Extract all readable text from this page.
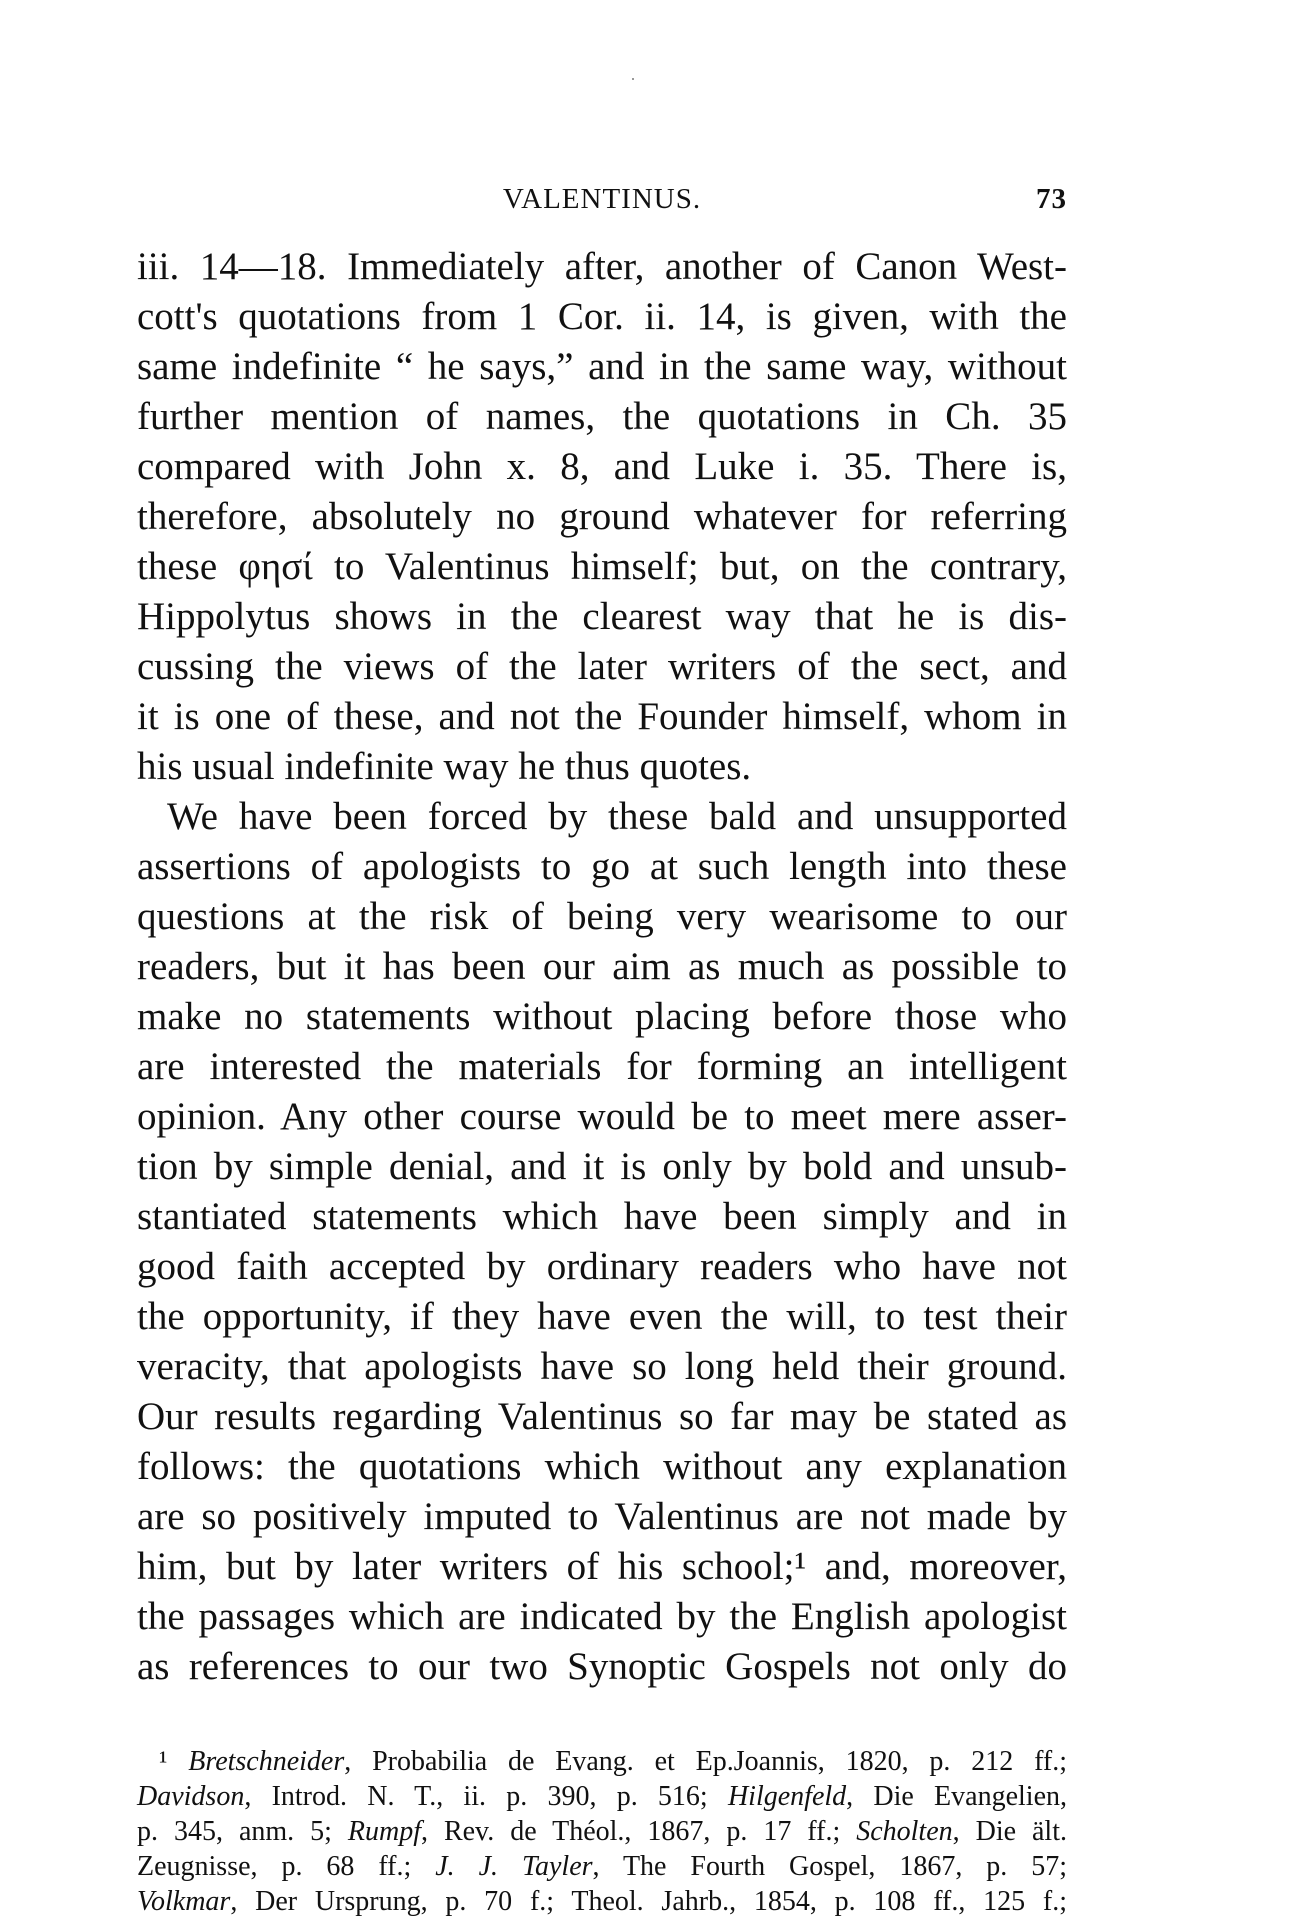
VALENTINUS.	73
iii. 14—18. Immediately after, another of Canon West-
cott's quotations from 1 Cor. ii. 14, is given, with the
same indefinite “ he says,” and in the same way, without
further mention of names, the quotations in Ch. 35
compared with John x. 8, and Luke i. 35. There is,
therefore, absolutely no ground whatever for referring
these φησί to Valentinus himself; but, on the contrary,
Hippolytus shows in the clearest way that he is dis-
cussing the views of the later writers of the sect, and
it is one of these, and not the Founder himself, whom in
his usual indefinite way he thus quotes.
We have been forced by these bald and unsupported
assertions of apologists to go at such length into these
questions at the risk of being very wearisome to our
readers, but it has been our aim as much as possible to
make no statements without placing before those who
are interested the materials for forming an intelligent
opinion. Any other course would be to meet mere asser-
tion by simple denial, and it is only by bold and unsub-
stantiated statements which have been simply and in
good faith accepted by ordinary readers who have not
the opportunity, if they have even the will, to test their
veracity, that apologists have so long held their ground.
Our results regarding Valentinus so far may be stated as
follows: the quotations which without any explanation
are so positively imputed to Valentinus are not made by
him, but by later writers of his school;¹ and, moreover,
the passages which are indicated by the English apologist
as references to our two Synoptic Gospels not only do
¹ Bretschneider, Probabilia de Evang. et Ep.Joannis, 1820, p. 212 ff.;
Davidson, Introd. N. T., ii. p. 390, p. 516; Hilgenfeld, Die Evangelien,
p. 345, anm. 5; Rumpf, Rev. de Théol., 1867, p. 17 ff.; Scholten, Die ält.
Zeugnisse, p. 68 ff.; J. J. Tayler, The Fourth Gospel, 1867, p. 57;
Volkmar, Der Ursprung, p. 70 f.; Theol. Jahrb., 1854, p. 108 ff., 125 f.;
